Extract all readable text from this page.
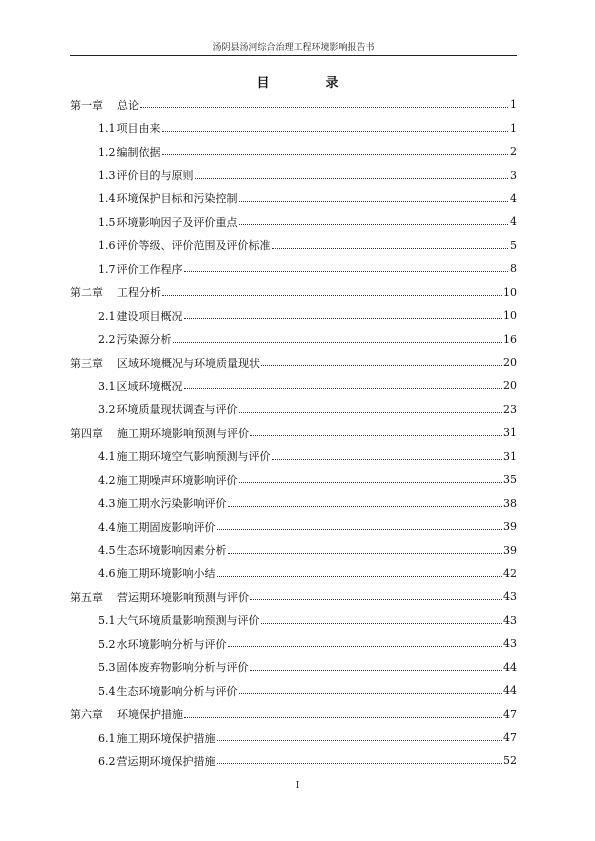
汤阴县汤河综合治理工程环境影响报告书
目	录
第一章 总论	1
1.1项目由来	1
1.2编制依据	2
1.3评价目的与原则	3
1.4环境保护目标和污染控制	4
1.5环境影响因子及评价重点	4
1.6评价等级、评价范围及评价标准	5
1.7评价工作程序	8
第二章 工程分析	10
2.1建设项目概况	10
2.2污染源分析	16
第三章 区域环境概况与环境质量现状	20
3.1区域环境概况	20
3.2环境质量现状调查与评价	23
第四章 施工期环境影响预测与评价	31
4.1施工期环境空气影响预测与评价	31
4.2施工期噪声环境影响评价	35
4.3施工期水污染影响评价	38
4.4施工期固废影响评价	39
4.5生态环境影响因素分析	39
4.6施工期环境影响小结	42
第五章 营运期环境影响预测与评价	43
5.1大气环境质量影响预测与评价	43
5.2水环境影响分析与评价	43
5.3固体废弃物影响分析与评价	44
5.4生态环境影响分析与评价	44
第六章 环境保护措施	47
6.1施工期环境保护措施	47
6.2营运期环境保护措施	52
I
